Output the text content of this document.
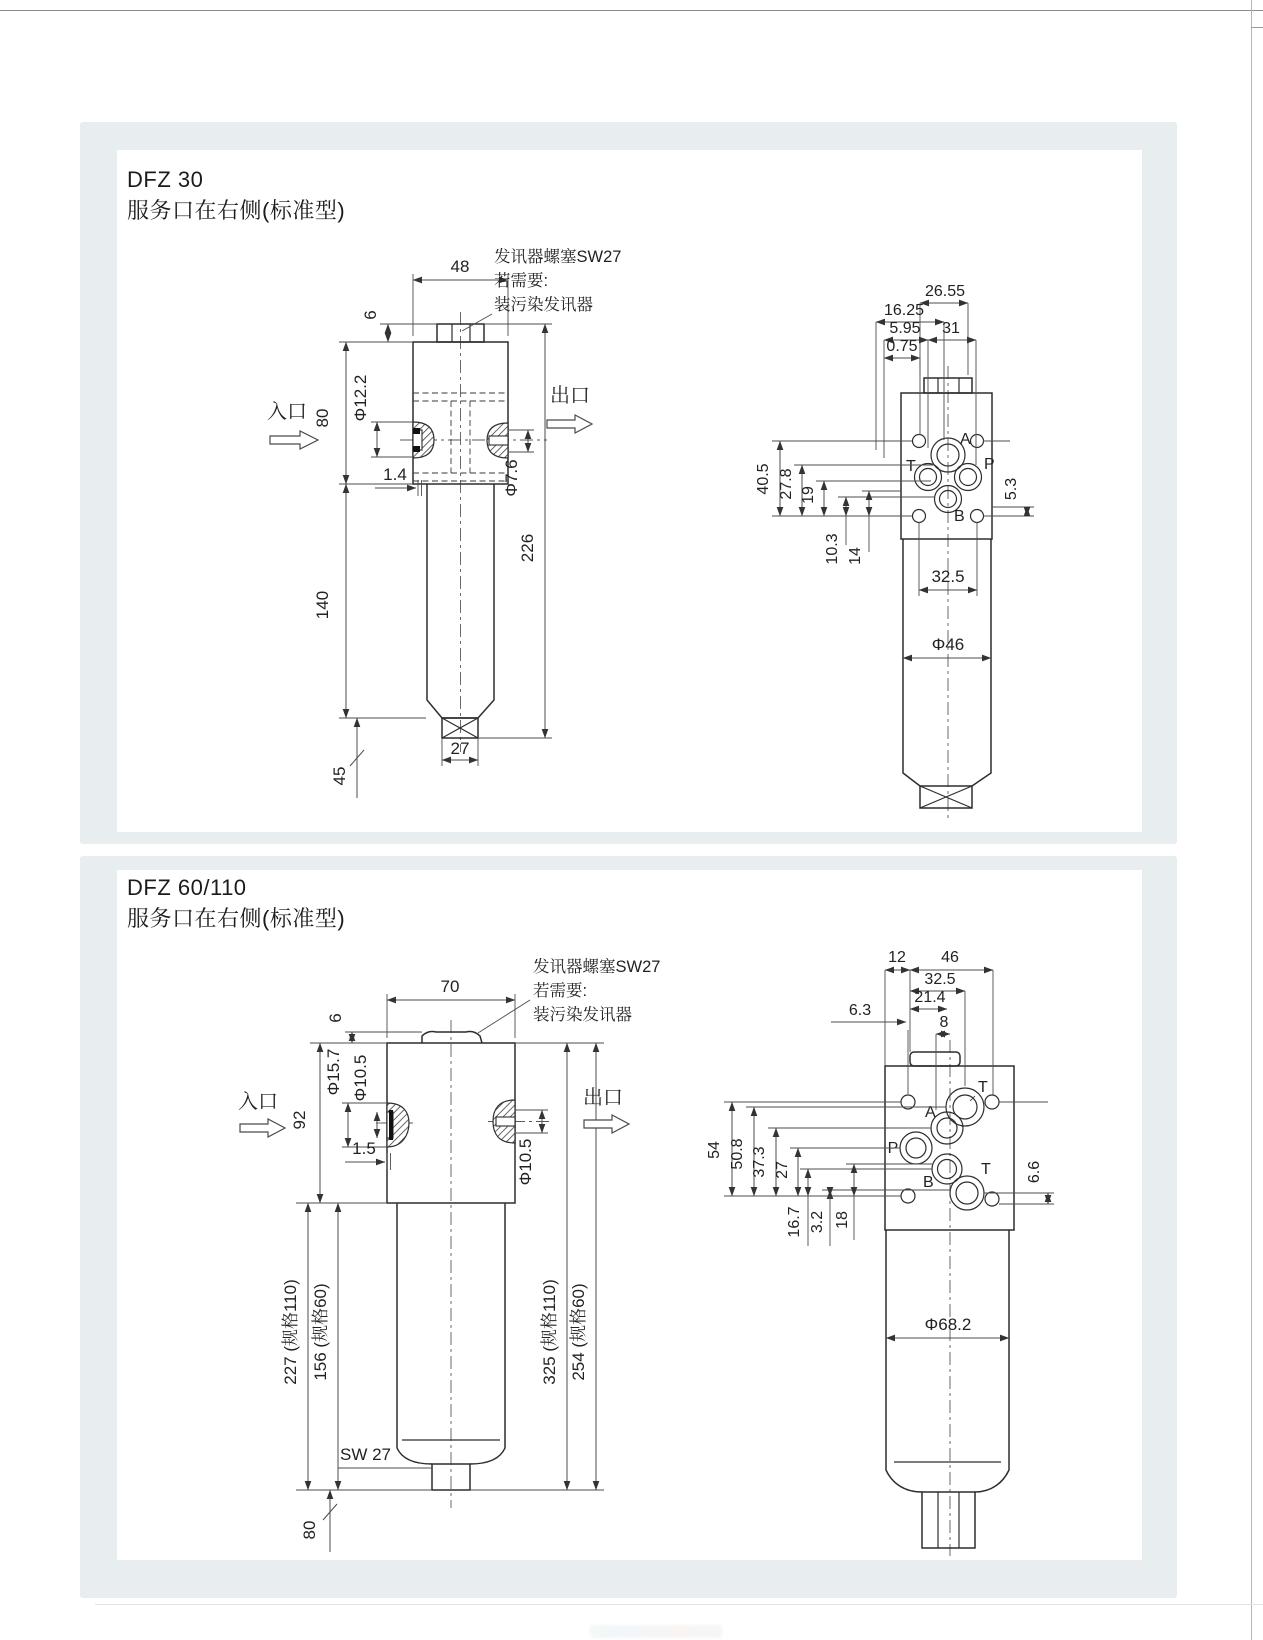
DFZ 30
服务口在右侧(标准型)
DFZ 60/110
服务口在右侧(标准型)
48
6
Φ12.2
80
140
45
1.4	Φ7.6
226
27
入口
出口
发讯器螺塞SW27
若需要:
装污染发讯器
A
T	P
B
26.55
16.25
5.95 31
0.75
40.5 27.8 19
10.3 14
5.3
32.5
Φ46
70
6
Φ15.7 Φ10.5
92
1.5	Φ10.5
227 (规格110) 156 (规格60)
SW 27
80
325 (规格110) 254 (规格60)
入口	出口
发讯器螺塞SW27
若需要:
装污染发讯器
T
A
P
B
T
12 46
32.5
21.4
6.3
8
54 50.8 37.3 27
16.7 3.2 18
6.6
Φ68.2
